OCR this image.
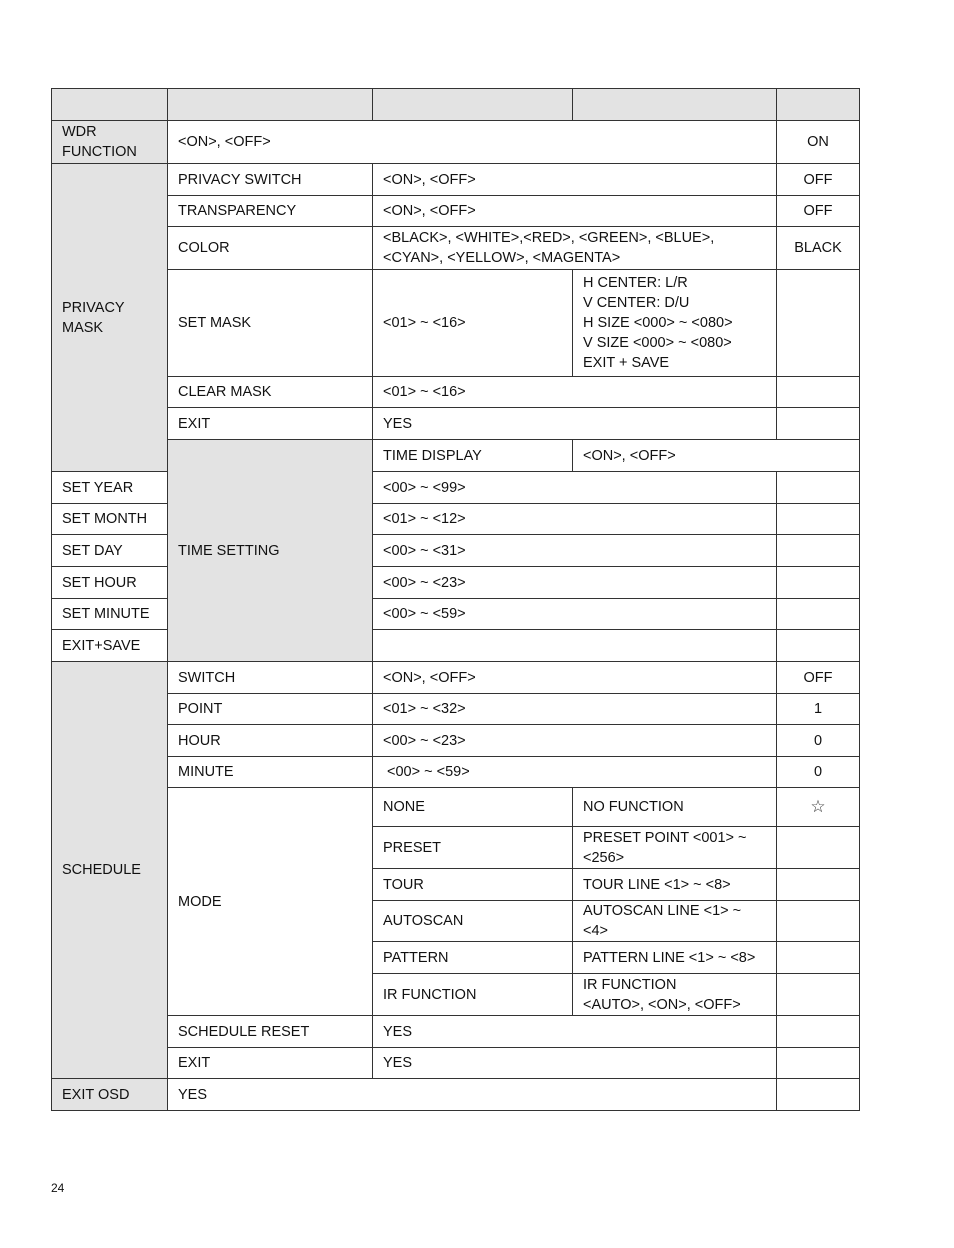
WDR FUNCTION	<ON>, <OFF>			ON	
PRIVACY MASK	PRIVACY SWITCH	<ON>, <OFF>		OFF	
	TRANSPARENCY	<ON>, <OFF>		OFF	
	COLOR	<BLACK>, <WHITE>,<RED>, <GREEN>, <BLUE>, <CYAN>, <YELLOW>, <MAGENTA>		BLACK	
	SET MASK	<01> ~ <16>	H CENTER: L/R
V CENTER: D/U
H SIZE <000> ~ <080>
V SIZE <000> ~ <080>
EXIT + SAVE		

	CLEAR MASK	<01> ~ <16>			
	EXIT	YES			
	TIME SETTING	TIME DISPLAY	<ON>, <OFF>	
SET YEAR		<00> ~ <99>			
SET MONTH		<01> ~ <12>			
SET DAY		<00> ~ <31>			
SET HOUR		<00> ~ <23>			
SET MINUTE		<00> ~ <59>			
EXIT+SAVE					
SCHEDULE	SWITCH	<ON>, <OFF>		OFF	
	POINT	<01> ~ <32>		1	
	HOUR	<00> ~ <23>		0	
	MINUTE	<00> ~ <59>		0	
	MODE	NONE	NO FUNCTION	☆	
		PRESET	PRESET POINT <001> ~ <256>		
		TOUR	TOUR LINE <1> ~ <8>		
		AUTOSCAN	AUTOSCAN LINE <1> ~ <4>		
		PATTERN	PATTERN LINE <1> ~ <8>		
		IR FUNCTION	IR FUNCTION
<AUTO>, <ON>, <OFF>		

	SCHEDULE RESET	YES			
	EXIT	YES			
EXIT OSD	YES				
24
